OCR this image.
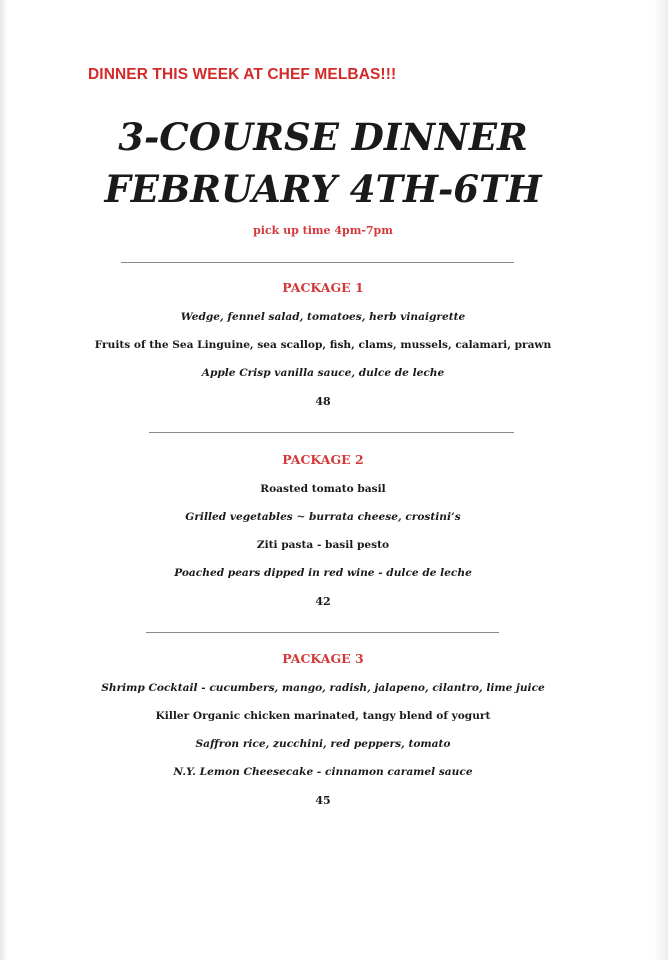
DINNER THIS WEEK AT CHEF MELBAS!!!
3-COURSE DINNER
FEBRUARY 4TH-6TH
pick up time 4pm-7pm
PACKAGE 1
Wedge, fennel salad, tomatoes, herb vinaigrette
Fruits of the Sea Linguine, sea scallop, fish, clams, mussels, calamari, prawn
Apple Crisp vanilla sauce, dulce de leche
48
PACKAGE 2
Roasted tomato basil
Grilled vegetables ~ burrata cheese, crostini’s
Ziti pasta - basil pesto
Poached pears dipped in red wine - dulce de leche
42
PACKAGE 3
Shrimp Cocktail - cucumbers, mango, radish, jalapeno, cilantro, lime juice
Killer Organic chicken marinated, tangy blend of yogurt
Saffron rice, zucchini, red peppers, tomato
N.Y. Lemon Cheesecake - cinnamon caramel sauce
45
